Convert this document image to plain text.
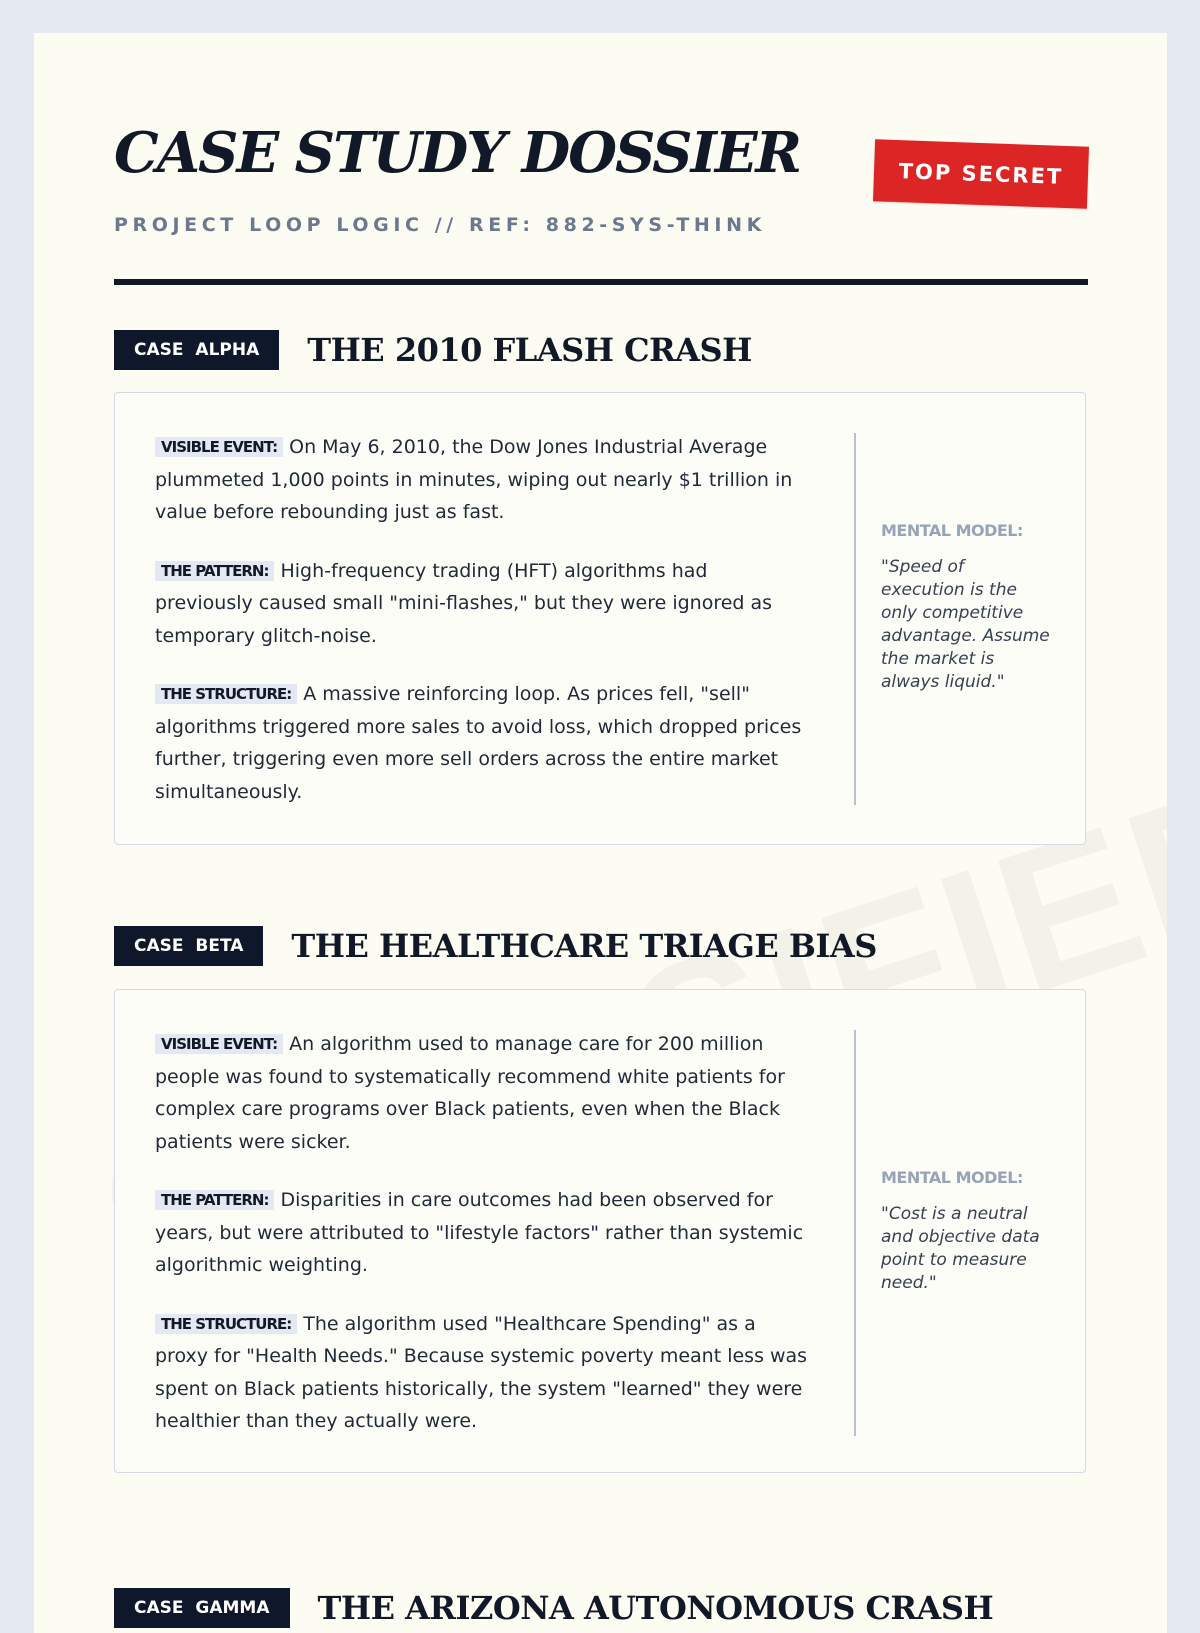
CASE STUDY DOSSIER
PROJECT LOOP LOGIC // REF: 882-SYS-THINK
TOP SECRET
CASE ALPHA	THE 2010 FLASH CRASH

VISIBLE EVENT: On May 6, 2010, the Dow Jones Industrial Average plummeted 1,000 points in minutes, wiping out nearly $1 trillion in value before rebounding just as fast.

THE PATTERN: High-frequency trading (HFT) algorithms had previously caused small "mini-flashes," but they were ignored as temporary glitch-noise.

THE STRUCTURE: A massive reinforcing loop. As prices fell, "sell" algorithms triggered more sales to avoid loss, which dropped prices further, triggering even more sell orders across the entire market simultaneously.

MENTAL MODEL:
"Speed of execution is the only competitive advantage. Assume the market is always liquid."
CASE BETA	THE HEALTHCARE TRIAGE BIAS

VISIBLE EVENT: An algorithm used to manage care for 200 million people was found to systematically recommend white patients for complex care programs over Black patients, even when the Black patients were sicker.

THE PATTERN: Disparities in care outcomes had been observed for years, but were attributed to "lifestyle factors" rather than systemic algorithmic weighting.

THE STRUCTURE: The algorithm used "Healthcare Spending" as a proxy for "Health Needs." Because systemic poverty meant less was spent on Black patients historically, the system "learned" they were healthier than they actually were.

MENTAL MODEL:
"Cost is a neutral and objective data point to measure need."
CASE GAMMA	THE ARIZONA AUTONOMOUS CRASH
